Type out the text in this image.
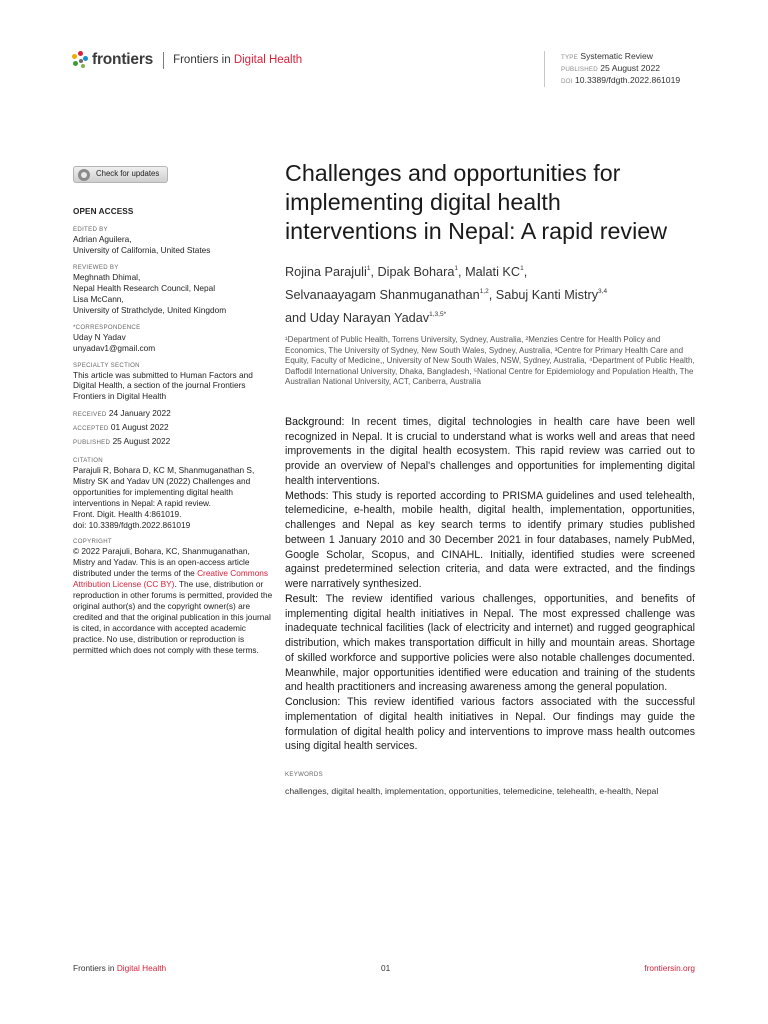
frontiers Frontiers in Digital Health	TYPE Systematic Review
PUBLISHED 25 August 2022
DOI 10.3389/fdgth.2022.861019
Check for updates
OPEN ACCESS
EDITED BY
Adrian Aguilera,
University of California, United States
REVIEWED BY
Meghnath Dhimal,
Nepal Health Research Council, Nepal
Lisa McCann,
University of Strathclyde, United Kingdom
*CORRESPONDENCE
Uday N Yadav
unyadav1@gmail.com
SPECIALTY SECTION
This article was submitted to Human Factors and Digital Health, a section of the journal Frontiers Frontiers in Digital Health
RECEIVED 24 January 2022
ACCEPTED 01 August 2022
PUBLISHED 25 August 2022
CITATION
Parajuli R, Bohara D, KC M, Shanmuganathan S, Mistry SK and Yadav UN (2022) Challenges and opportunities for implementing digital health interventions in Nepal: A rapid review.
Front. Digit. Health 4:861019.
doi: 10.3389/fdgth.2022.861019
COPYRIGHT
© 2022 Parajuli, Bohara, KC, Shanmuganathan, Mistry and Yadav. This is an open-access article distributed under the terms of the Creative Commons Attribution License (CC BY). The use, distribution or reproduction in other forums is permitted, provided the original author(s) and the copyright owner(s) are credited and that the original publication in this journal is cited, in accordance with accepted academic practice. No use, distribution or reproduction is permitted which does not comply with these terms.
Challenges and opportunities for implementing digital health interventions in Nepal: A rapid review
Rojina Parajuli$^1$, Dipak Bohara$^1$, Malati $KC^1$,
Selvanaayagam Shanmuganathan$^{1,2}$, Sabuj Kanti Mistry$^{3,4}$
and Uday Narayan Yadav$^{1,3,5*}$
¹Department of Public Health, Torrens University, Sydney, Australia, ²Menzies Centre for Health Policy and Economics, The University of Sydney, New South Wales, Sydney, Australia, ³Centre for Primary Health Care and Equity, Faculty of Medicine,, University of New South Wales, NSW, Sydney, Australia, ⁴Department of Public Health, Daffodil International University, Dhaka, Bangladesh, ⁵National Centre for Epidemiology and Population Health, The Australian National University, ACT, Canberra, Australia
Background: In recent times, digital technologies in health care have been well recognized in Nepal. It is crucial to understand what is works well and areas that need improvements in the digital health ecosystem. This rapid review was carried out to provide an overview of Nepal's challenges and opportunities for implementing digital health interventions.
Methods: This study is reported according to PRISMA guidelines and used telehealth, telemedicine, e-health, mobile health, digital health, implementation, opportunities, challenges and Nepal as key search terms to identify primary studies published between 1 January 2010 and 30 December 2021 in four databases, namely PubMed, Google Scholar, Scopus, and CINAHL. Initially, identified studies were screened against predetermined selection criteria, and data were extracted, and the findings were narratively synthesized.
Result: The review identified various challenges, opportunities, and benefits of implementing digital health initiatives in Nepal. The most expressed challenge was inadequate technical facilities (lack of electricity and internet) and rugged geographical distribution, which makes transportation difficult in hilly and mountain areas. Shortage of skilled workforce and supportive policies were also notable challenges documented. Meanwhile, major opportunities identified were education and training of the students and health practitioners and increasing awareness among the general population.
Conclusion: This review identified various factors associated with the successful implementation of digital health initiatives in Nepal. Our findings may guide the formulation of digital health policy and interventions to improve mass health outcomes using digital health services.
KEYWORDS
challenges, digital health, implementation, opportunities, telemedicine, telehealth, e-health, Nepal
Frontiers in Digital Health	01	frontiersin.org
